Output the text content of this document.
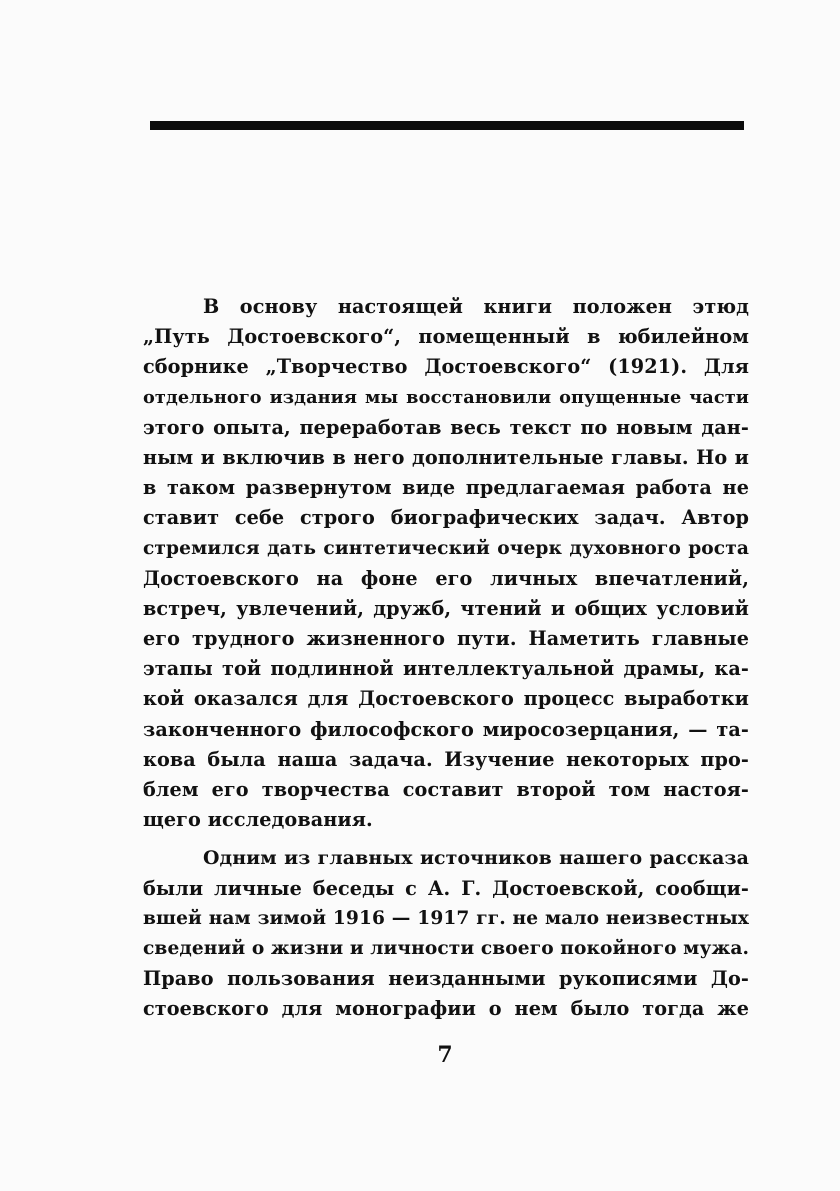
В основу настоящей книги положен этюд
„Путь Достоевского“, помещенный в юбилейном
сборнике „Творчество Достоевского“ (1921). Для
отдельного издания мы восстановили опущенные части
этого опыта, переработав весь текст по новым дан-
ным и включив в него дополнительные главы. Но и
в таком развернутом виде предлагаемая работа не
ставит себе строго биографических задач. Автор
стремился дать синтетический очерк духовного роста
Достоевского на фоне его личных впечатлений,
встреч, увлечений, дружб, чтений и общих условий
его трудного жизненного пути. Наметить главные
этапы той подлинной интеллектуальной драмы, ка-
кой оказался для Достоевского процесс выработки
законченного философского миросозерцания, — та-
кова была наша задача. Изучение некоторых про-
блем его творчества составит второй том настоя-
щего исследования.
Одним из главных источников нашего рассказа
были личные беседы с А. Г. Достоевской, сообщи-
вшей нам зимой 1916 — 1917 гг. не мало неизвестных
сведений о жизни и личности своего покойного мужа.
Право пользования неизданными рукописями До-
стоевского для монографии о нем было тогда же
7
